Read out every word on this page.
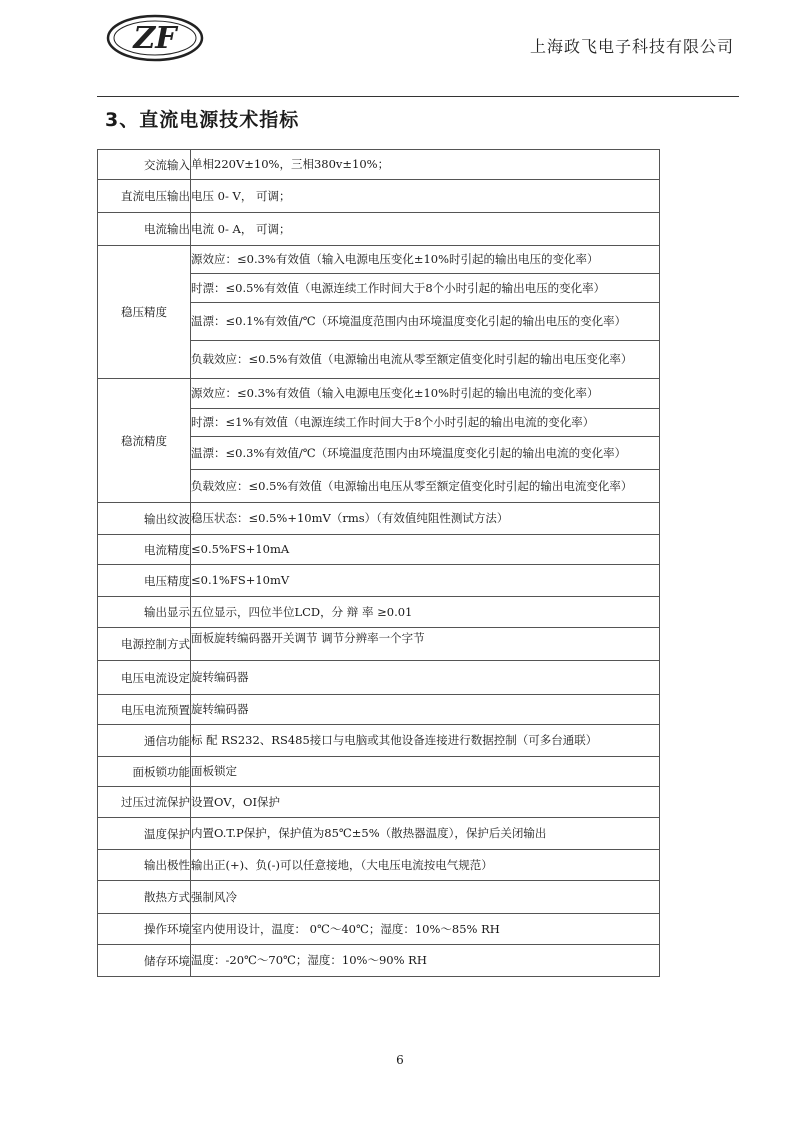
ZF	上海政飞电子科技有限公司
3、直流电源技术指标
交流输入	单相220V±10%，三相380v±10%；
直流电压输出	电压 0- V， 可调；
电流输出	电流 0- A， 可调；
稳压精度	源效应：≤0.3%有效值（输入电源电压变化±10%时引起的输出电压的变化率）
	时漂：≤0.5%有效值（电源连续工作时间大于8个小时引起的输出电压的变化率）
	温漂：≤0.1%有效值/℃（环境温度范围内由环境温度变化引起的输出电压的变化率）
	负载效应：≤0.5%有效值（电源输出电流从零至额定值变化时引起的输出电压变化率）
稳流精度	源效应：≤0.3%有效值（输入电源电压变化±10%时引起的输出电流的变化率）
	时漂：≤1%有效值（电源连续工作时间大于8个小时引起的输出电流的变化率）
	温漂：≤0.3%有效值/℃（环境温度范围内由环境温度变化引起的输出电流的变化率）
	负载效应：≤0.5%有效值（电源输出电压从零至额定值变化时引起的输出电流变化率）
输出纹波	稳压状态：≤0.5%+10mV（rms）（有效值纯阻性测试方法）
电流精度	≤0.5%FS+10mA
电压精度	≤0.1%FS+10mV
输出显示	五位显示，四位半位LCD，分 辩 率 ≥0.01
电源控制方式	面板旋转编码器开关调节 调节分辨率一个字节
电压电流设定	旋转编码器
电压电流预置	旋转编码器
通信功能	标 配 RS232、RS485接口与电脑或其他设备连接进行数据控制（可多台通联）
面板锁功能	面板锁定
过压过流保护	设置OV，OI保护
温度保护	内置O.T.P保护，保护值为85℃±5%（散热器温度），保护后关闭输出
输出极性	输出正(+)、负(-)可以任意接地，（大电压电流按电气规范）
散热方式	强制风冷
操作环境	室内使用设计，温度： 0℃～40℃；湿度：10%～85% RH
储存环境	温度：-20℃～70℃；湿度：10%～90% RH
6
